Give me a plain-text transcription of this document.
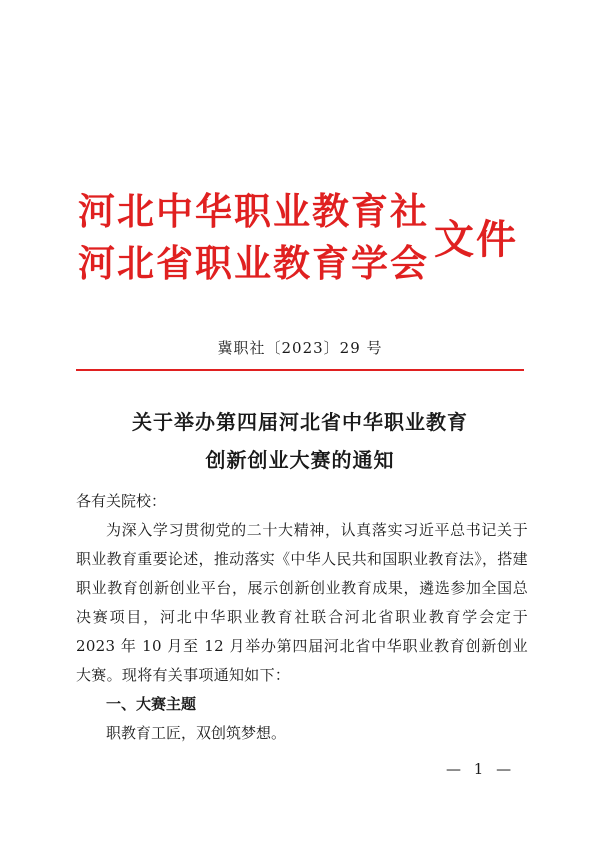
河北中华职业教育社
河北省职业教育学会
文件
冀职社〔2023〕29 号
关于举办第四届河北省中华职业教育
创新创业大赛的通知

各有关院校：

为深入学习贯彻党的二十大精神，认真落实习近平总书记关于职业教育重要论述，推动落实《中华人民共和国职业教育法》，搭建职业教育创新创业平台，展示创新创业教育成果，遴选参加全国总决赛项目，河北中华职业教育社联合河北省职业教育学会定于 2023 年 10 月至 12 月举办第四届河北省中华职业教育创新创业大赛。现将有关事项通知如下：

一、大赛主题

职教育工匠，双创筑梦想。

— 1 —
